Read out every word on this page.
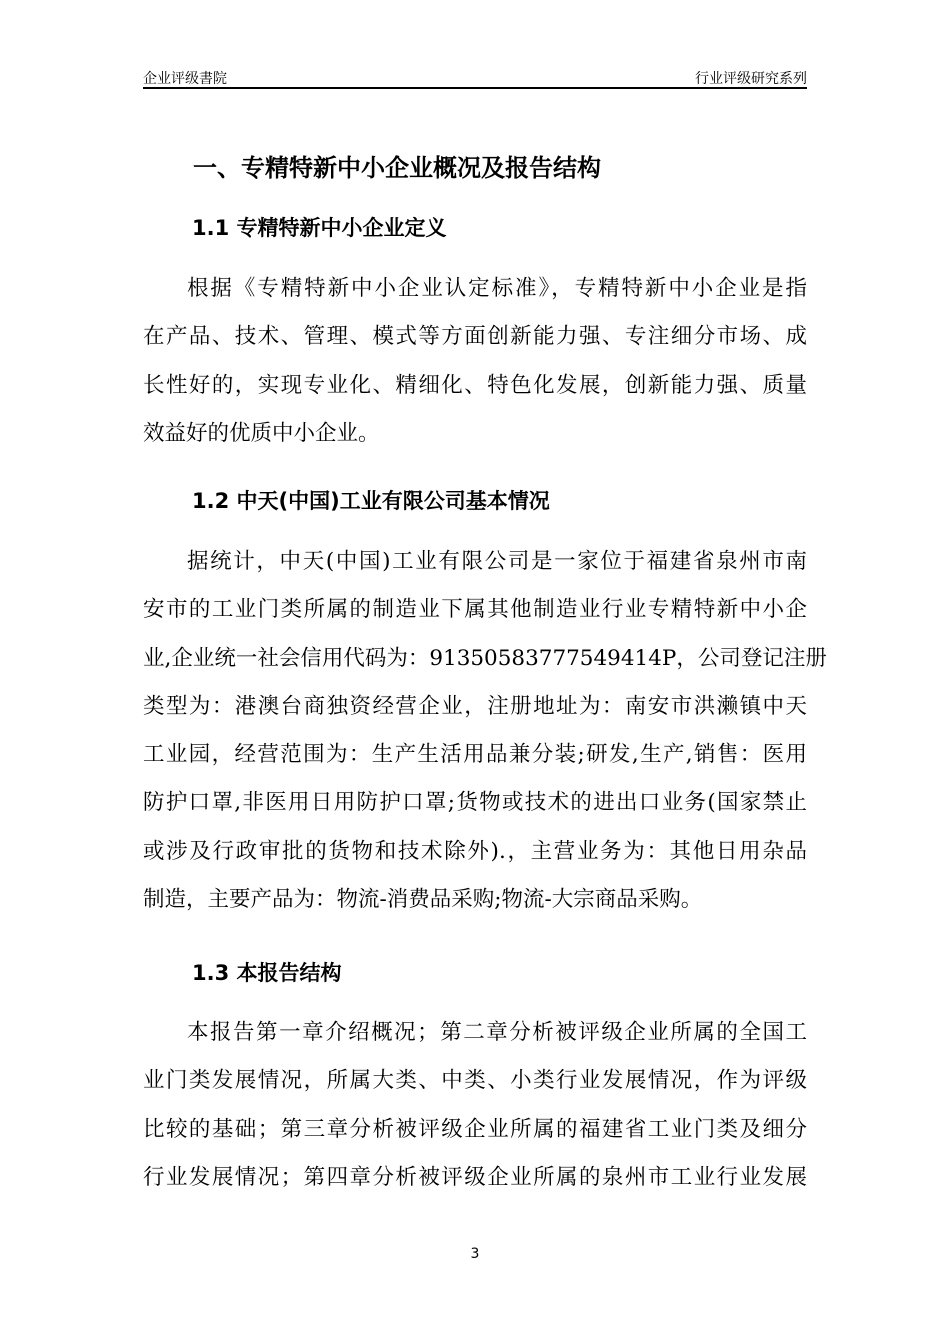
企业评级書院	行业评级研究系列
一、专精特新中小企业概况及报告结构
1.1 专精特新中小企业定义
根据《专精特新中小企业认定标准》，专精特新中小企业是指
在产品、技术、管理、模式等方面创新能力强、专注细分市场、成
长性好的，实现专业化、精细化、特色化发展，创新能力强、质量
效益好的优质中小企业。
1.2 中天(中国)工业有限公司基本情况
据统计，中天(中国)工业有限公司是一家位于福建省泉州市南
安市的工业门类所属的制造业下属其他制造业行业专精特新中小企
业,企业统一社会信用代码为：9135058377754941​4P，公司登记注册
类型为：港澳台商独资经营企业，注册地址为：南安市洪濑镇中天
工业园，经营范围为：生产生活用品兼分装;研发,生产,销售：医用
防护口罩,非医用日用防护口罩;货物或技术的进出口业务(国家禁止
或涉及行政审批的货物和技术除外).，主营业务为：其他日用杂品
制造，主要产品为：物流-消费品采购;物流-大宗商品采购。
1.3 本报告结构
本报告第一章介绍概况；第二章分析被评级企业所属的全国工
业门类发展情况，所属大类、中类、小类行业发展情况，作为评级
比较的基础；第三章分析被评级企业所属的福建省工业门类及细分
行业发展情况；第四章分析被评级企业所属的泉州市工业行业发展
3
